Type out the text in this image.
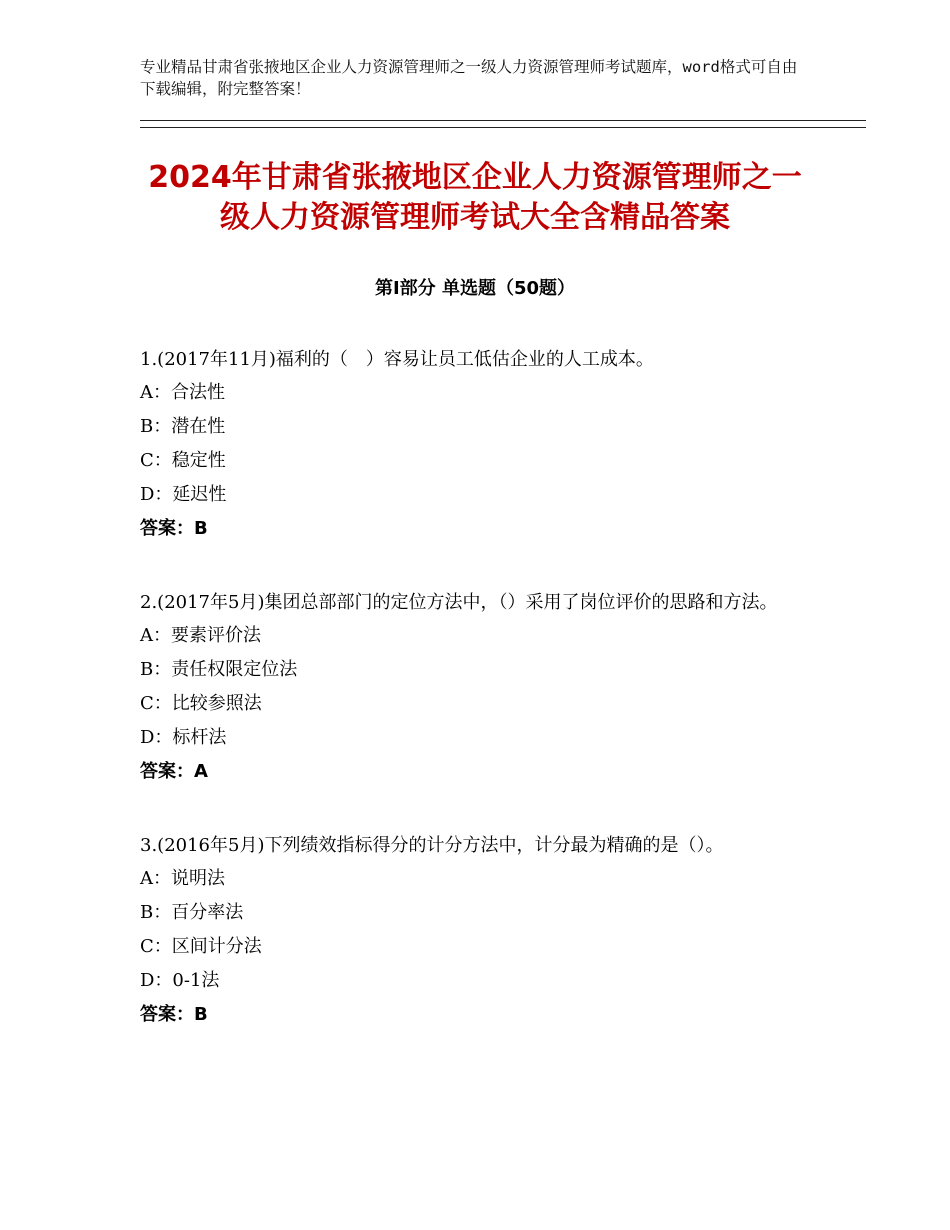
专业精品甘肃省张掖地区企业人力资源管理师之一级人力资源管理师考试题库，word格式可自由下载编辑，附完整答案！
2024年甘肃省张掖地区企业人力资源管理师之一级人力资源管理师考试大全含精品答案
第Ⅰ部分 单选题（50题）

1.(2017年11月)福利的（　）容易让员工低估企业的人工成本。

A：合法性

B：潜在性

C：稳定性

D：延迟性

答案：B

2.(2017年5月)集团总部部门的定位方法中，（）采用了岗位评价的思路和方法。

A：要素评价法

B：责任权限定位法

C：比较参照法

D：标杆法

答案：A

3.(2016年5月)下列绩效指标得分的计分方法中，计分最为精确的是（）。

A：说明法

B：百分率法

C：区间计分法

D：0-1法

答案：B
